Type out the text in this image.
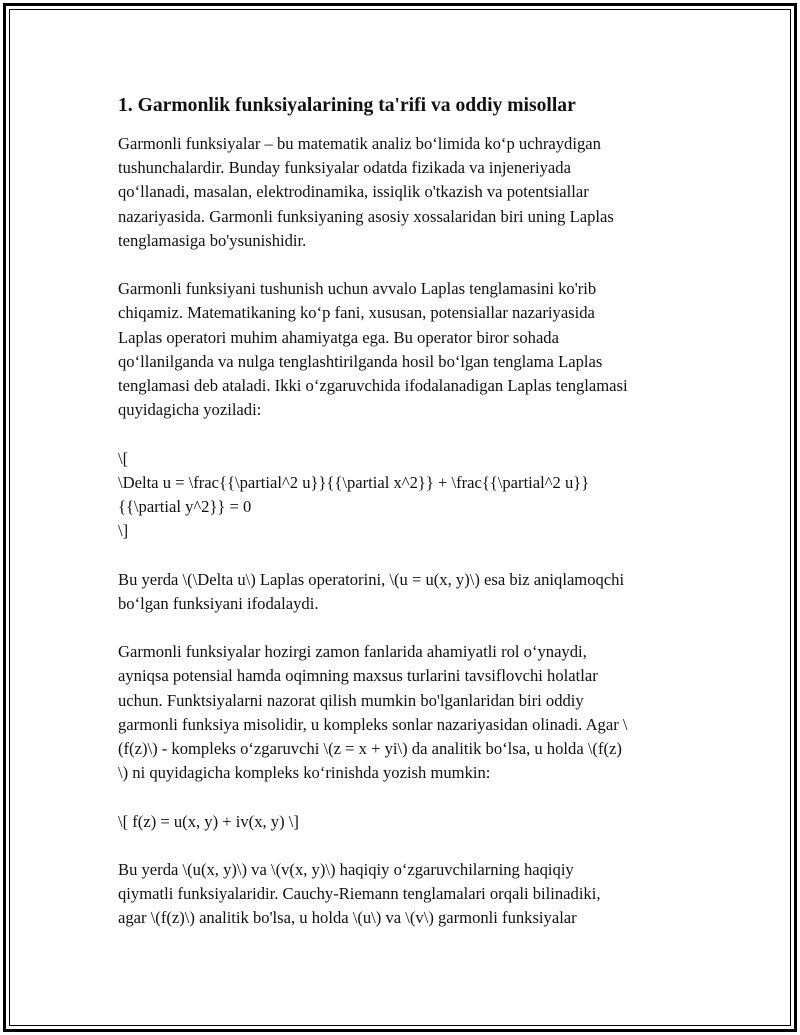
1. Garmonlik funksiyalarining ta'rifi va oddiy misollar
Garmonli funksiyalar – bu matematik analiz bo‘limida ko‘p uchraydigan
tushunchalardir. Bunday funksiyalar odatda fizikada va injeneriyada
qo‘llanadi, masalan, elektrodinamika, issiqlik o'tkazish va potentsiallar
nazariyasida. Garmonli funksiyaning asosiy xossalaridan biri uning Laplas
tenglamasiga bo'ysunishidir.
Garmonli funksiyani tushunish uchun avvalo Laplas tenglamasini ko'rib
chiqamiz. Matematikaning ko‘p fani, xususan, potensiallar nazariyasida
Laplas operatori muhim ahamiyatga ega. Bu operator biror sohada
qo‘llanilganda va nulga tenglashtirilganda hosil bo‘lgan tenglama Laplas
tenglamasi deb ataladi. Ikki o‘zgaruvchida ifodalanadigan Laplas tenglamasi
quyidagicha yoziladi:
\[
\Delta u = \frac{{\partial^2 u}}{{\partial x^2}} + \frac{{\partial^2 u}}
{{\partial y^2}} = 0
\]
Bu yerda \(\Delta u\) Laplas operatorini, \(u = u(x, y)\) esa biz aniqlamoqchi
bo‘lgan funksiyani ifodalaydi.
Garmonli funksiyalar hozirgi zamon fanlarida ahamiyatli rol o‘ynaydi,
ayniqsa potensial hamda oqimning maxsus turlarini tavsiflovchi holatlar
uchun. Funktsiyalarni nazorat qilish mumkin bo'lganlaridan biri oddiy
garmonli funksiya misolidir, u kompleks sonlar nazariyasidan olinadi. Agar \
(f(z)\) - kompleks o‘zgaruvchi \(z = x + yi\) da analitik bo‘lsa, u holda \(f(z)
\) ni quyidagicha kompleks ko‘rinishda yozish mumkin:
\[ f(z) = u(x, y) + iv(x, y) \]
Bu yerda \(u(x, y)\) va \(v(x, y)\) haqiqiy o‘zgaruvchilarning haqiqiy
qiymatli funksiyalaridir. Cauchy-Riemann tenglamalari orqali bilinadiki,
agar \(f(z)\) analitik bo'lsa, u holda \(u\) va \(v\) garmonli funksiyalar
